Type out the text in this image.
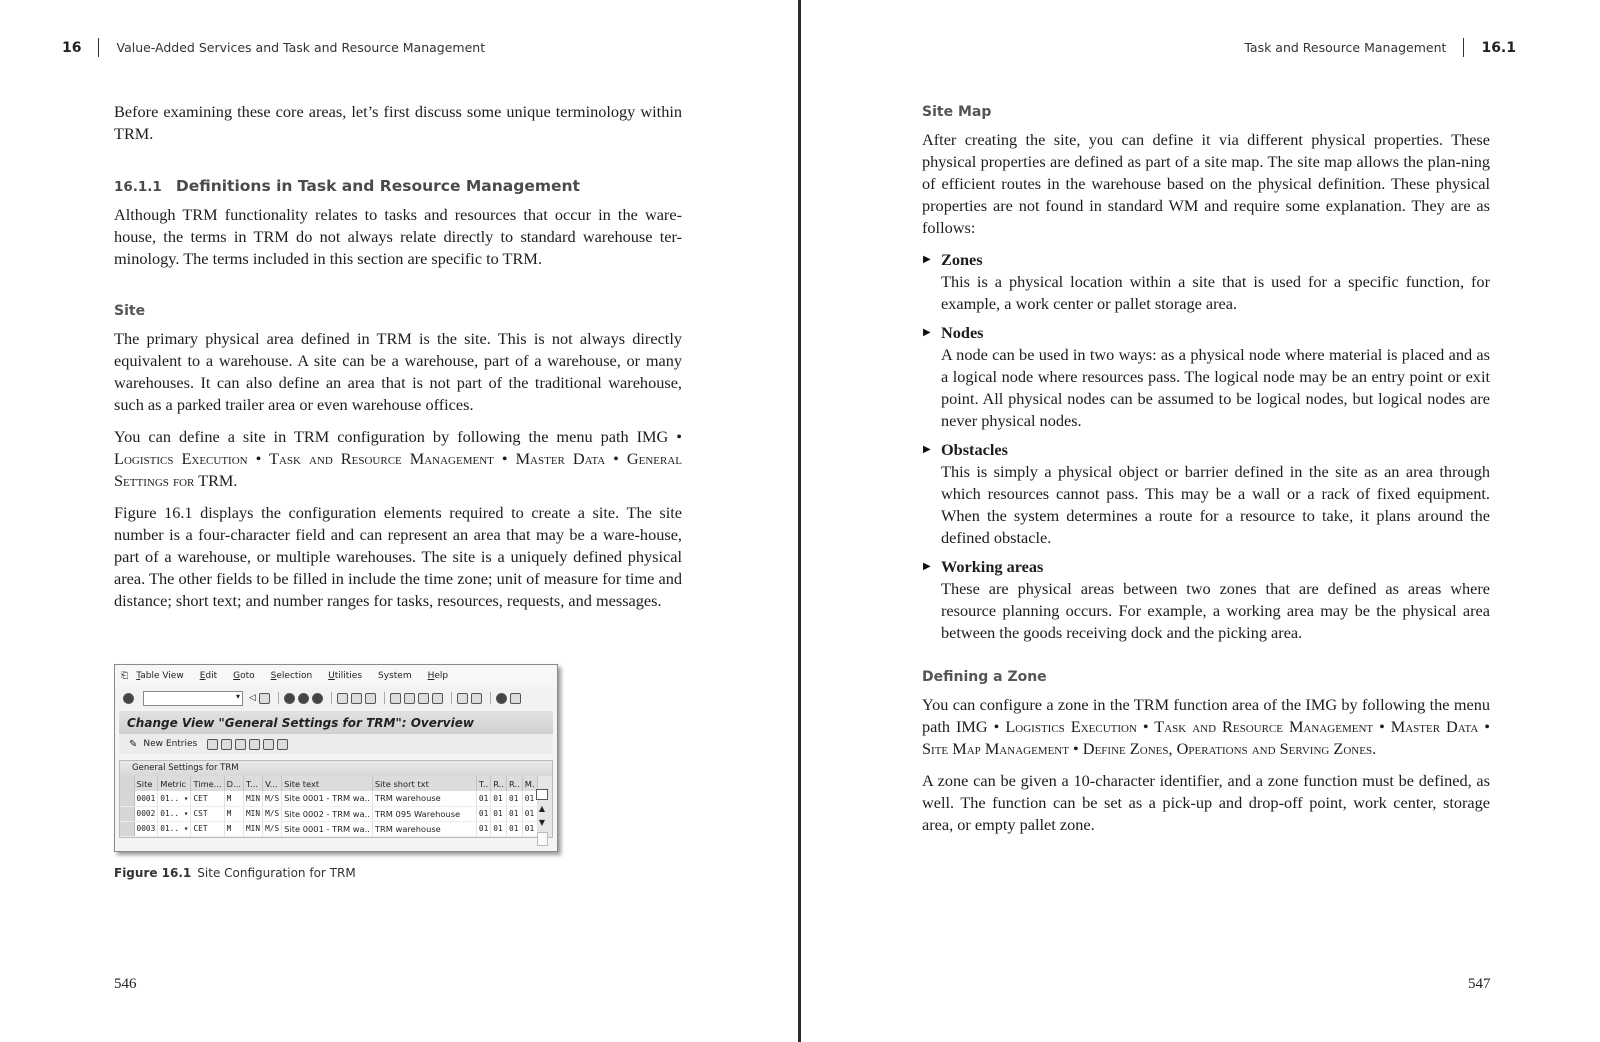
16	Value-Added Services and Task and Resource Management

Before examining these core areas, let’s first discuss some unique terminology within TRM.

16.1.1 Definitions in Task and Resource Management

Although TRM functionality relates to tasks and resources that occur in the ware-house, the terms in TRM do not always relate directly to standard warehouse ter-minology. The terms included in this section are specific to TRM.

Site

The primary physical area defined in TRM is the site. This is not always directly equivalent to a warehouse. A site can be a warehouse, part of a warehouse, or many warehouses. It can also define an area that is not part of the traditional warehouse, such as a parked trailer area or even warehouse offices.

You can define a site in TRM configuration by following the menu path IMG • Logistics Execution • Task and Resource Management • Master Data • General Settings for TRM.

Figure 16.1 displays the configuration elements required to create a site. The site number is a four-character field and can represent an area that may be a ware-house, part of a warehouse, or multiple warehouses. The site is a uniquely defined physical area. The other fields to be filled in include the time zone; unit of measure for time and distance; short text; and number ranges for tasks, resources, requests, and messages.

⎗ Table View Edit Goto Selection Utilities System Help
▾ ◁
Change View "General Settings for TRM": Overview
✎ New Entries
General Settings for TRM
	Site	Metric	Time...	D...	T...	V...	Site text	Site short txt	T..	R..	R..	M.
	0001	01.. ▾	CET	M	MIN	M/S	Site 0001 - TRM wa..	TRM warehouse	01	01	01	01
	0002	01.. ▾	CST	M	MIN	M/S	Site 0002 - TRM wa..	TRM 095 Warehouse	01	01	01	01
	0003	01.. ▾	CET	M	MIN	M/S	Site 0001 - TRM wa..	TRM warehouse	01	01	01	01
▲
▼
Figure 16.1 Site Configuration for TRM
546
Task and Resource Management	16.1
Site Map

After creating the site, you can define it via different physical properties. These physical properties are defined as part of a site map. The site map allows the plan-ning of efficient routes in the warehouse based on the physical definition. These physical properties are not found in standard WM and require some explanation. They are as follows:

▶ Zones
This is a physical location within a site that is used for a specific function, for example, a work center or pallet storage area.
▶ Nodes
A node can be used in two ways: as a physical node where material is placed and as a logical node where resources pass. The logical node may be an entry point or exit point. All physical nodes can be assumed to be logical nodes, but logical nodes are never physical nodes.
▶ Obstacles
This is simply a physical object or barrier defined in the site as an area through which resources cannot pass. This may be a wall or a rack of fixed equipment. When the system determines a route for a resource to take, it plans around the defined obstacle.
▶ Working areas
These are physical areas between two zones that are defined as areas where resource planning occurs. For example, a working area may be the physical area between the goods receiving dock and the picking area.
Defining a Zone

You can configure a zone in the TRM function area of the IMG by following the menu path IMG • Logistics Execution • Task and Resource Management • Master Data • Site Map Management • Define Zones, Operations and Serving Zones.

A zone can be given a 10-character identifier, and a zone function must be defined, as well. The function can be set as a pick-up and drop-off point, work center, storage area, or empty pallet zone.

547
